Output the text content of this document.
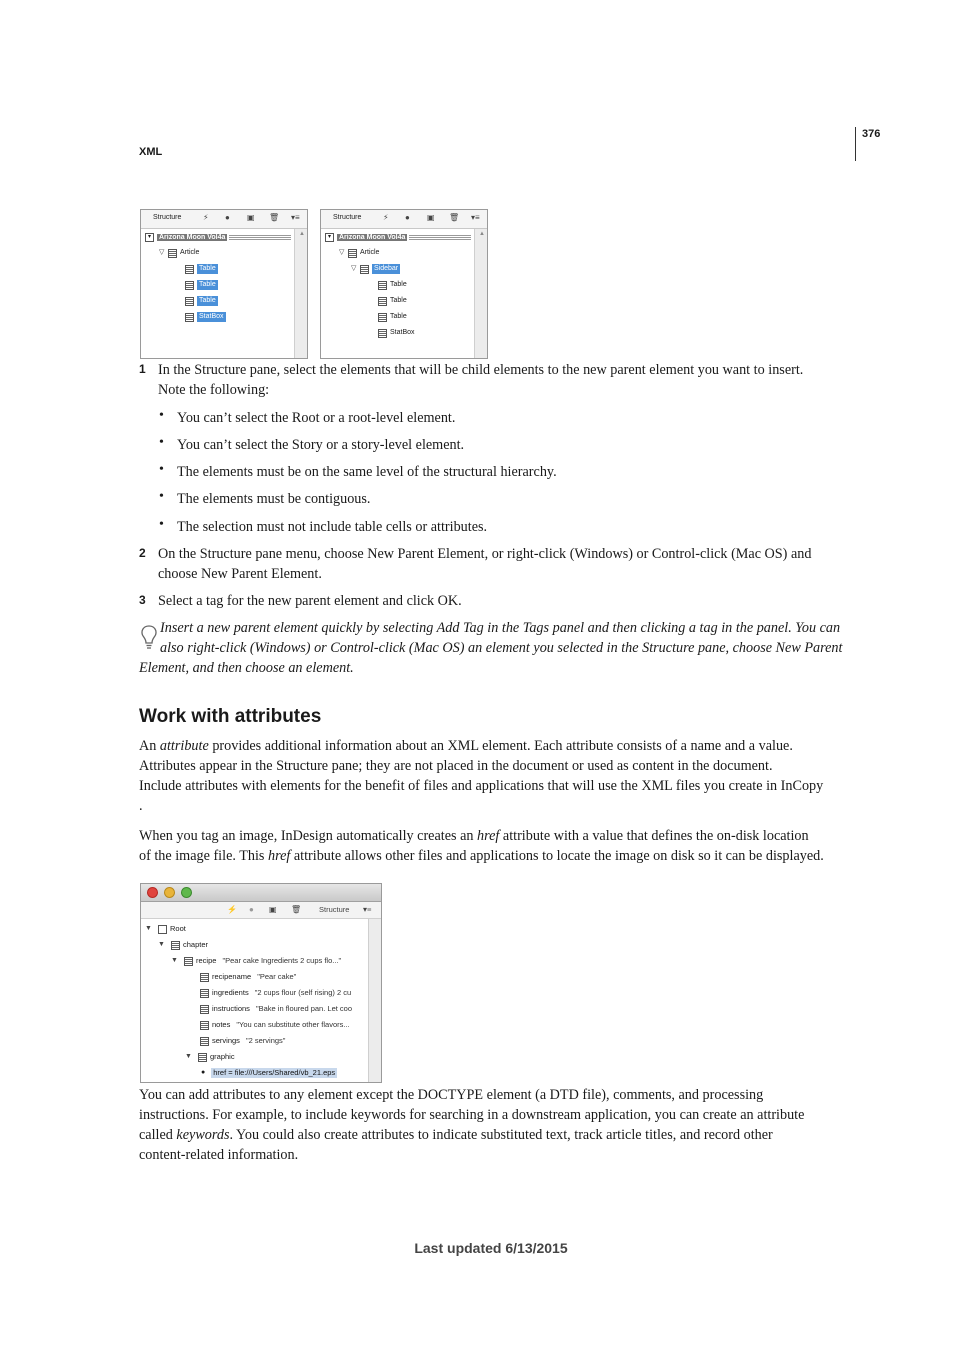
XML
376
Structure	⚡ ● ▣ 🗑 ▾≡
▾	Arizona Moon Vol4a
▽	Article
Table
Table
Table
StatBox
▲
Structure	⚡ ● ▣ 🗑 ▾≡
▾	Arizona Moon Vol4a
▽	Article
▽	Sidebar
Table
Table
Table
StatBox
▲
1 In the Structure pane, select the elements that will be child elements to the new parent element you want to insert.
Note the following:
• You can’t select the Root or a root-level element.
• You can’t select the Story or a story-level element.
• The elements must be on the same level of the structural hierarchy.
• The elements must be contiguous.
• The selection must not include table cells or attributes.
2 On the Structure pane menu, choose New Parent Element, or right-click (Windows) or Control-click (Mac OS) and
choose New Parent Element.
3 Select a tag for the new parent element and click OK.
Insert a new parent element quickly by selecting Add Tag in the Tags panel and then clicking a tag in the panel. You can
also right-click (Windows) or Control-click (Mac OS) an element you selected in the Structure pane, choose New Parent
Element, and then choose an element.
Work with attributes
An attribute provides additional information about an XML element. Each attribute consists of a name and a value.
Attributes appear in the Structure pane; they are not placed in the document or used as content in the document.
Include attributes with elements for the benefit of files and applications that will use the XML files you create in InCopy
.
When you tag an image, InDesign automatically creates an href attribute with a value that defines the on-disk location
of the image file. This href attribute allows other files and applications to locate the image on disk so it can be displayed.
⚡ ● ▣ 🗑 Structure ▾≡
▼ Root
▼ chapter
▼ recipe "Pear cake Ingredients 2 cups flo..."
recipename "Pear cake"
ingredients "2 cups flour (self rising) 2 cu
instructions "Bake in floured pan. Let coo
notes "You can substitute other flavors...
servings "2 servings"
▼ graphic
● href = file:///Users/Shared/vb_21.eps
You can add attributes to any element except the DOCTYPE element (a DTD file), comments, and processing
instructions. For example, to include keywords for searching in a downstream application, you can create an attribute
called keywords. You could also create attributes to indicate substituted text, track article titles, and record other
content-related information.
Last updated 6/13/2015
